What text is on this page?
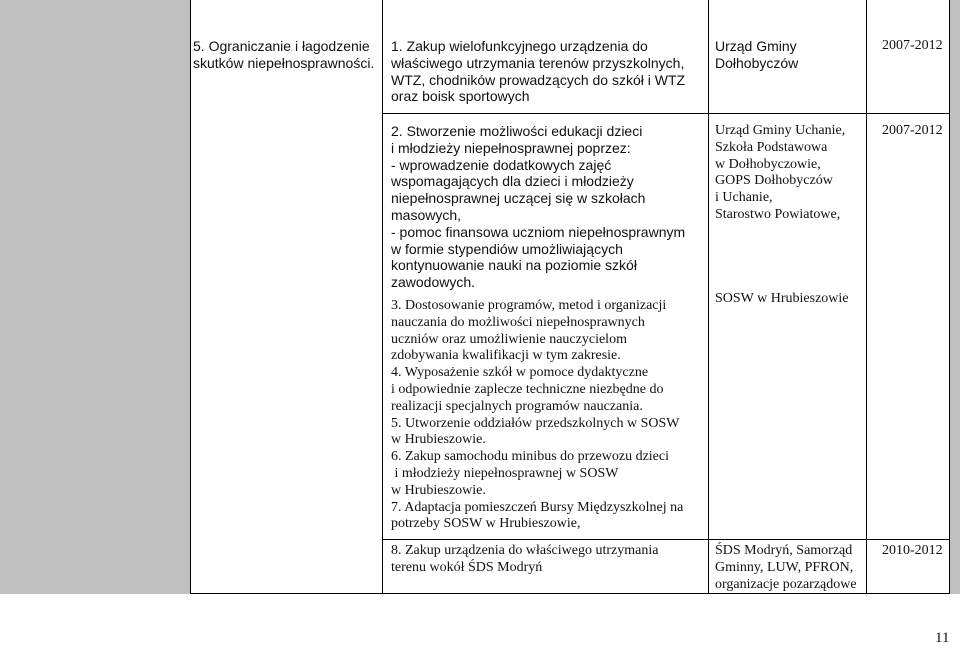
5. Ograniczanie i łagodzenie
skutków niepełnosprawności.
1. Zakup wielofunkcyjnego urządzenia do
właściwego utrzymania terenów przyszkolnych,
WTZ, chodników prowadzących do szkół i WTZ
oraz boisk sportowych
Urząd Gminy
Dołhobyczów
2007-2012
2. Stworzenie możliwości edukacji dzieci
i młodzieży niepełnosprawnej poprzez:
- wprowadzenie dodatkowych zajęć
wspomagających dla dzieci i młodzieży
niepełnosprawnej uczącej się w szkołach
masowych,
- pomoc finansowa uczniom niepełnosprawnym
w formie stypendiów umożliwiających
kontynuowanie nauki na poziomie szkół
zawodowych.
Urząd Gminy Uchanie,
Szkoła Podstawowa
w Dołhobyczowie,
GOPS Dołhobyczów
i Uchanie,
Starostwo Powiatowe,
2007-2012
3. Dostosowanie programów, metod i organizacji
nauczania do możliwości niepełnosprawnych
uczniów oraz umożliwienie nauczycielom
zdobywania kwalifikacji w tym zakresie.
4. Wyposażenie szkół w pomoce dydaktyczne
i odpowiednie zaplecze techniczne niezbędne do
realizacji specjalnych programów nauczania.
5. Utworzenie oddziałów przedszkolnych w SOSW
w Hrubieszowie.
6. Zakup samochodu minibus do przewozu dzieci
i młodzieży niepełnosprawnej w SOSW
w Hrubieszowie.
7. Adaptacja pomieszczeń Bursy Międzyszkolnej na
potrzeby SOSW w Hrubieszowie,
SOSW w Hrubieszowie
8. Zakup urządzenia do właściwego utrzymania
terenu wokół ŚDS Modryń
ŚDS Modryń, Samorząd
Gminny, LUW, PFRON,
organizacje pozarządowe
2010-2012
11
